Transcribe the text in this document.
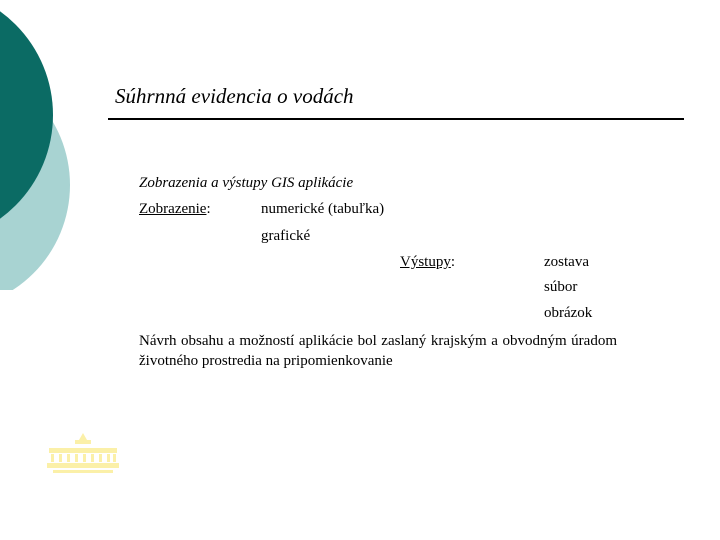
Súhrnná evidencia o vodách
Zobrazenia a výstupy GIS aplikácie
Zobrazenie:	numerické (tabuľka)
grafické
Výstupy:	zostava
súbor
obrázok
Návrh obsahu a možností aplikácie bol zaslaný krajským a obvodným úradom životného prostredia na pripomienkovanie
